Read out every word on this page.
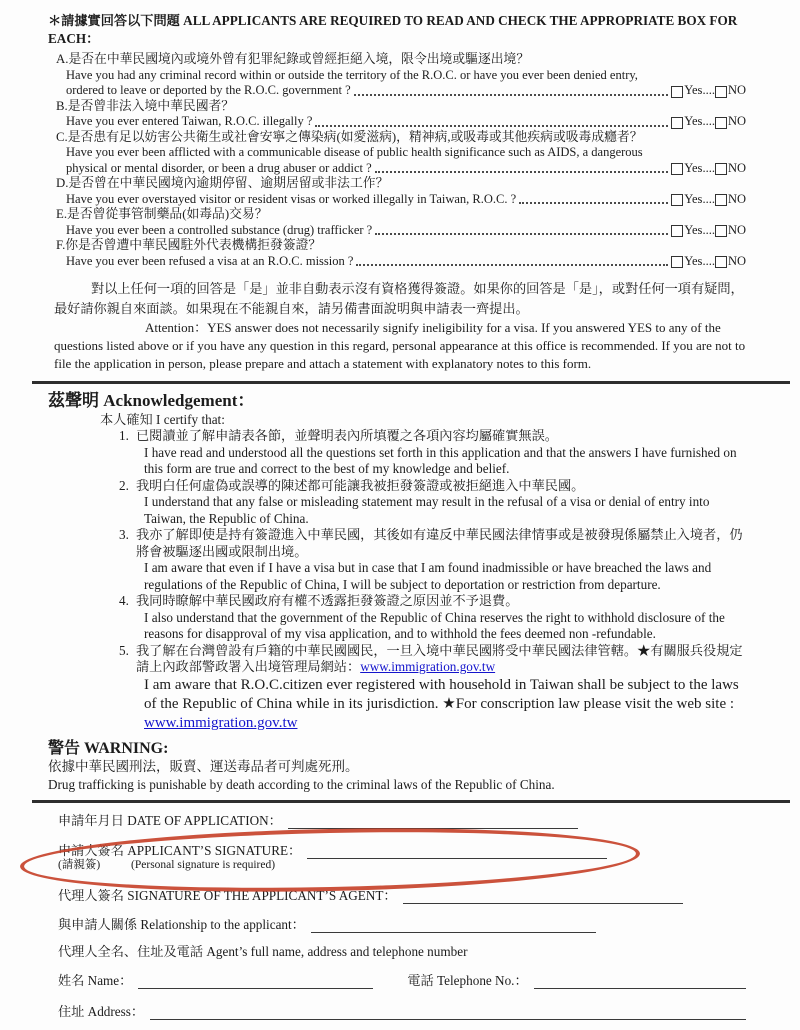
＊請據實回答以下問題 ALL APPLICANTS ARE REQUIRED TO READ AND CHECK THE APPROPRIATE BOX FOR EACH：
A.是否在中華民國境內或境外曾有犯罪紀錄或曾經拒絕入境，限令出境或驅逐出境？
Have you had any criminal record within or outside the territory of the R.O.C. or have you ever been denied entry,
ordered to leave or deported by the R.O.C. government ?	Yes .... NO
B.是否曾非法入境中華民國者？
Have you ever entered Taiwan, R.O.C. illegally ?	Yes .... NO
C.是否患有足以妨害公共衛生或社會安寧之傳染病(如愛滋病)，精神病,或吸毒或其他疾病或吸毒成癮者？
Have you ever been afflicted with a communicable disease of public health significance such as AIDS, a dangerous
physical or mental disorder, or been a drug abuser or addict ?	Yes .... NO
D.是否曾在中華民國境內逾期停留、逾期居留或非法工作？
Have you ever overstayed visitor or resident visas or worked illegally in Taiwan, R.O.C. ?	Yes .... NO
E.是否曾從事管制藥品(如毒品)交易？
Have you ever been a controlled substance (drug) trafficker ?	Yes .... NO
F.你是否曾遭中華民國駐外代表機構拒發簽證？
Have you ever been refused a visa at an R.O.C. mission ?	Yes .... NO
對以上任何一項的回答是「是」並非自動表示沒有資格獲得簽證。如果你的回答是「是」，或對任何一項有疑問，最好請你親自來面談。如果現在不能親自來，請另備書面說明與申請表一齊提出。
Attention：YES answer does not necessarily signify ineligibility for a visa. If you answered YES to any of the questions listed above or if you have any question in this regard, personal appearance at this office is recommended. If you are not to file the application in person, please prepare and attach a statement with explanatory notes to this form.
茲聲明 Acknowledgement：
本人確知 I certify that:
已閱讀並了解申請表各節，並聲明表內所填覆之各項內容均屬確實無誤。
I have read and understood all the questions set forth in this application and that the answers I have furnished on this form are true and correct to the best of my knowledge and belief.
我明白任何虛偽或誤導的陳述都可能讓我被拒發簽證或被拒絕進入中華民國。
I understand that any false or misleading statement may result in the refusal of a visa or denial of entry into Taiwan, the Republic of China.
我亦了解即使是持有簽證進入中華民國，其後如有違反中華民國法律情事或是被發現係屬禁止入境者，仍將會被驅逐出國或限制出境。
I am aware that even if I have a visa but in case that I am found inadmissible or have breached the laws and regulations of the Republic of China, I will be subject to deportation or restriction from departure.
我同時瞭解中華民國政府有權不透露拒發簽證之原因並不予退費。
I also understand that the government of the Republic of China reserves the right to withhold disclosure of the reasons for disapproval of my visa application, and to withhold the fees deemed non -refundable.
我了解在台灣曾設有戶籍的中華民國國民，一旦入境中華民國將受中華民國法律管轄。★有關服兵役規定請上內政部警政署入出境管理局網站：www.immigration.gov.tw
I am aware that R.O.C.citizen ever registered with household in Taiwan shall be subject to the laws of the Republic of China while in its jurisdiction. ★For conscription law please visit the web site : www.immigration.gov.tw
警告 WARNING:
依據中華民國刑法，販賣、運送毒品者可判處死刑。
Drug trafficking is punishable by death according to the criminal laws of the Republic of China.
申請年月日 DATE OF APPLICATION：
申請人簽名 APPLICANT’S SIGNATURE：
(請親簽)	(Personal signature is required)
代理人簽名 SIGNATURE OF THE APPLICANT’S AGENT：
與申請人關係 Relationship to the applicant：
代理人全名、住址及電話 Agent’s full name, address and telephone number
姓名 Name：	電話 Telephone No.：
住址 Address：
